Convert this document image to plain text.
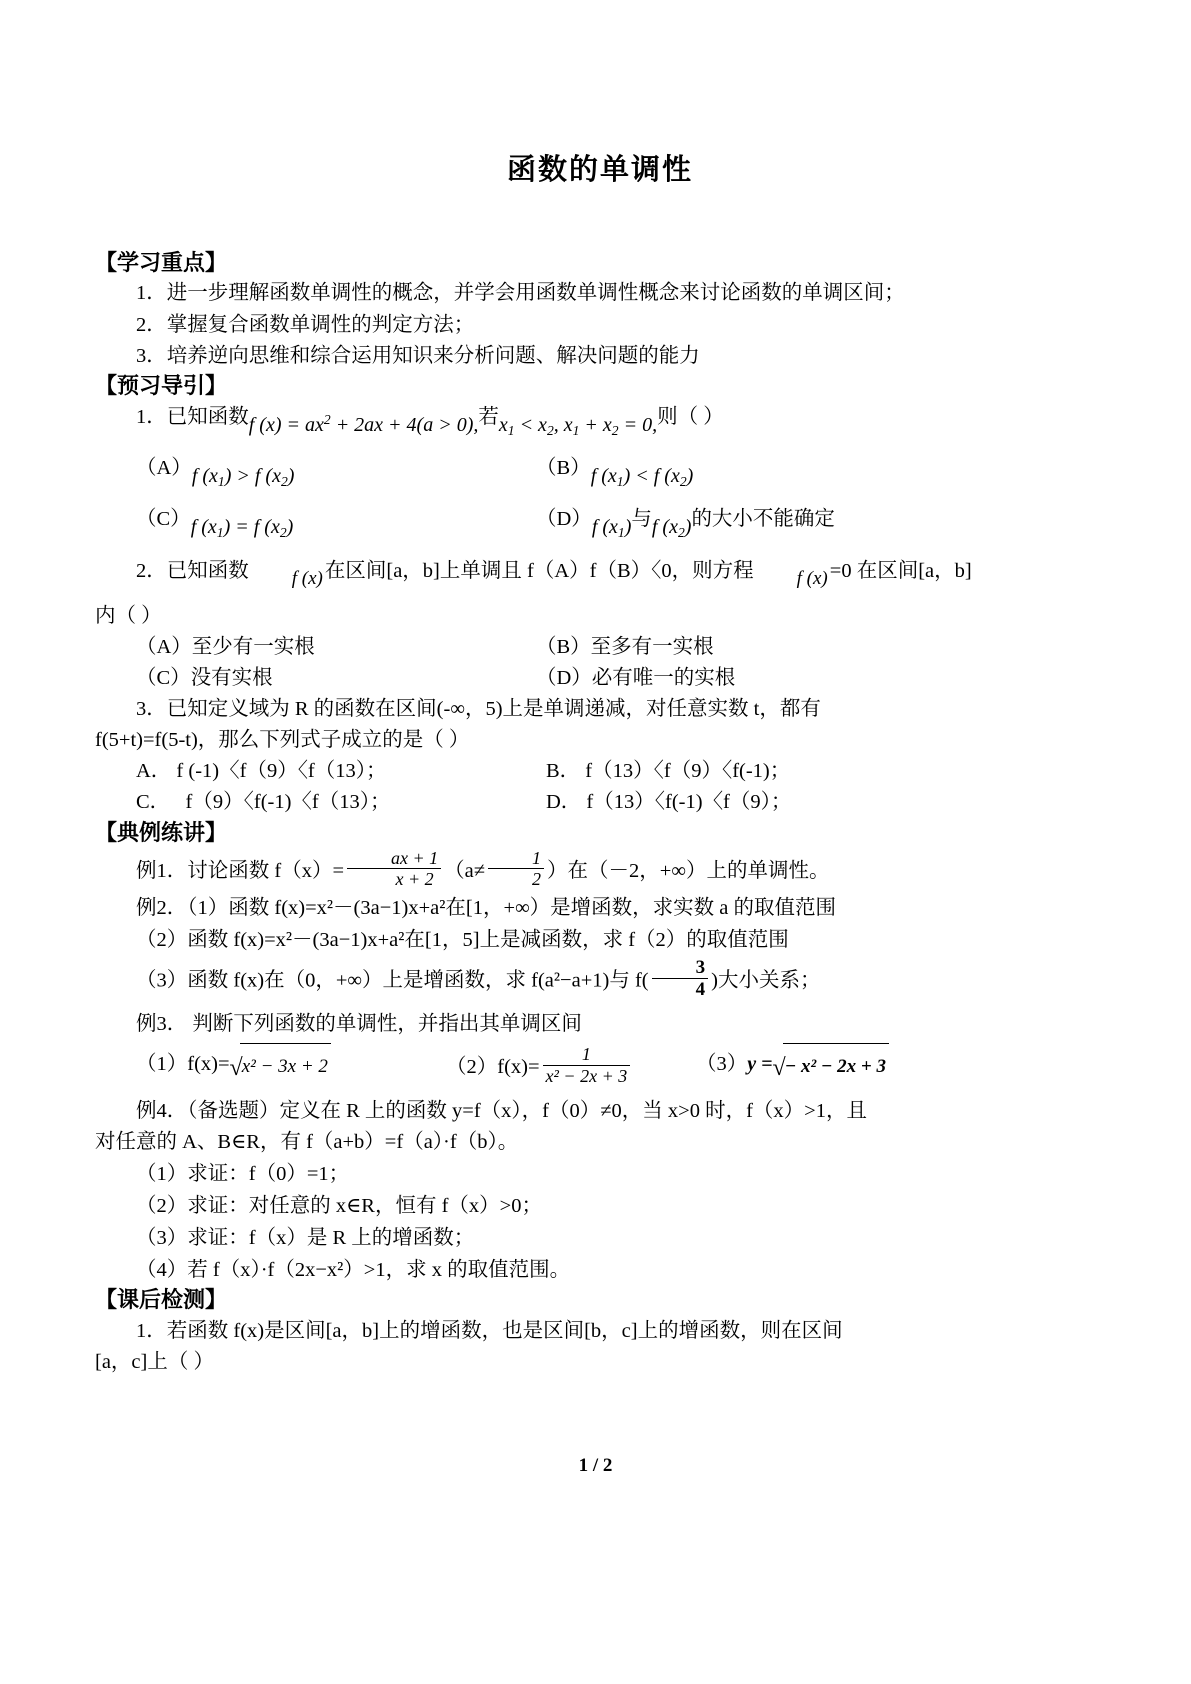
函数的单调性
【学习重点】
1．进一步理解函数单调性的概念，并学会用函数单调性概念来讨论函数的单调区间；
2．掌握复合函数单调性的判定方法；
3．培养逆向思维和综合运用知识来分析问题、解决问题的能力
【预习导引】
1．已知函数f $(x) = ax^2 + 2ax + 4(a > 0)$,若$x_1 < x_2$, $x_1 + x_2 = 0$,则（ ）
（A）f $(x_1) > f$ $(x_2)$	（B）f $(x_1) < f$ $(x_2)$
（C）f $(x_1) = f$ $(x_2)$	（D）f $(x_1)$与f $(x_2)$的大小不能确定
2．已知函数 f (x)在区间[a，b]上单调且 f（A）f（B）〈0，则方程 f (x)=0 在区间[a，b]
内（ ）
（A）至少有一实根	（B）至多有一实根
（C）没有实根	（D）必有唯一的实根
3．已知定义域为 R 的函数在区间(-∞，5)上是单调递减，对任意实数 t，都有
f(5+t)=f(5-t)，那么下列式子成立的是（ ）
A． f (-1)〈f（9）〈f（13）；	B． f（13）〈f（9）〈f(-1)；
C．　 f（9）〈f(-1)〈f（13）；	D． f（13）〈f(-1)〈f（9）；
【典例练讲】
例1．讨论函数 $f(x)= \frac{ax + 1}{x + 2} (a\ne \frac{1}{2}$ ）在（－2，+∞）上的单调性。
例2．（1）函数 f(x)=x²－(3a−1)x+a²在[1，+∞）是增函数，求实数 a 的取值范围
（2）函数 f(x)=x²－(3a−1)x+a²在[1，5]上是减函数，求 f（2）的取值范围
（3）函数 f(x)在（0，+∞）上是增函数，求 f(a²−a+1)与 $f( \frac{3}{4}$ )大小关系；
例3． 判断下列函数的单调性，并指出其单调区间
（1）f(x)=√x² − 3x + 2	$(2)f(x)= \frac{1}{\text{x² − 2x + 3}}$	（3）y =√− x² − 2x + 3
例4．（备选题）定义在 R 上的函数 y=f（x），f（0）≠0，当 x>0 时，f（x）>1，且
对任意的 A、B∈R，有 f（a+b）=f（a）·f（b）。
（1）求证：f（0）=1；
（2）求证：对任意的 x∈R，恒有 f（x）>0；
（3）求证：f（x）是 R 上的增函数；
（4）若 f（x）·f（2x−x²）>1，求 x 的取值范围。
【课后检测】
1．若函数 f(x)是区间[a，b]上的增函数，也是区间[b，c]上的增函数，则在区间
[a，c]上（ ）
1 / 2
